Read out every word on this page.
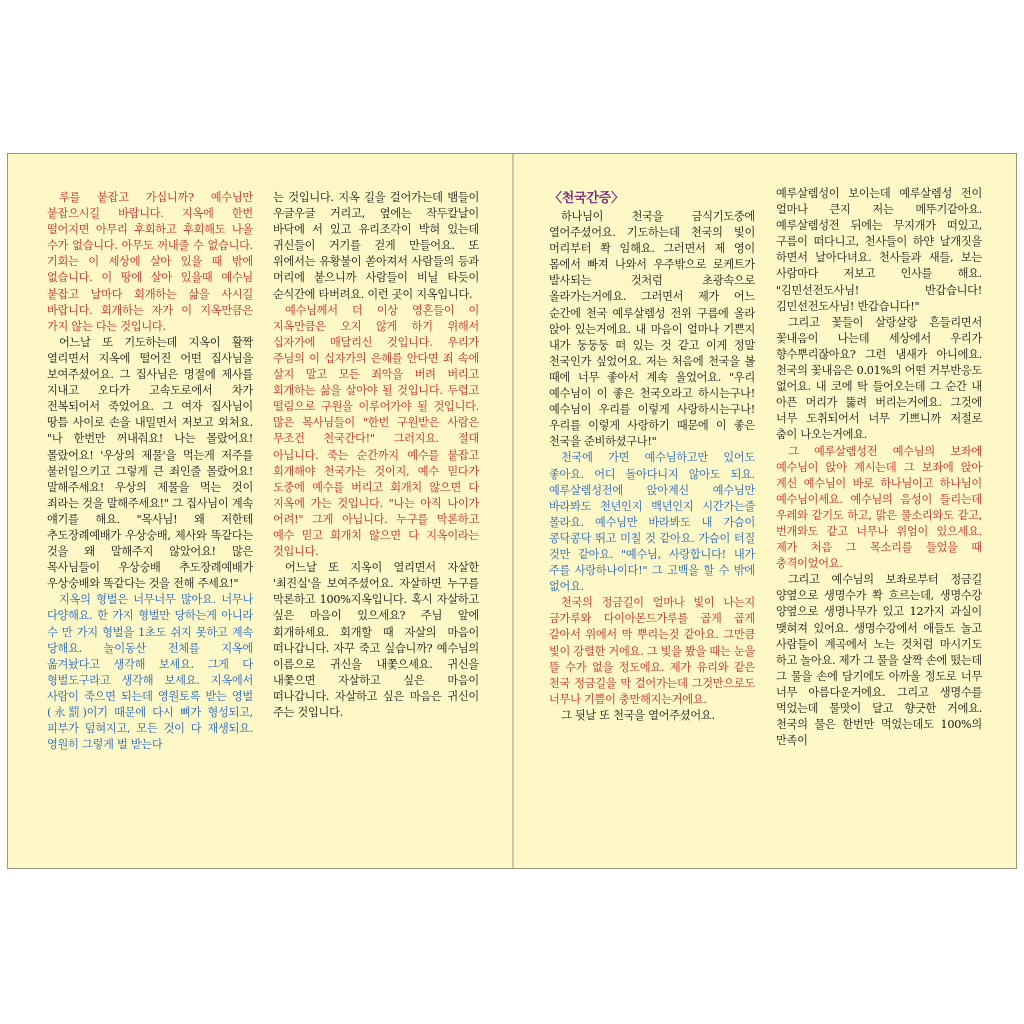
루를 붙잡고 가십니까? 예수님만 붙잡으시길 바랍니다. 지옥에 한번 떨어지면 아무리 후회하고 후회해도 나올 수가 없습니다. 아무도 꺼내줄 수 없습니다. 기회는 이 세상에 살아 있을 때 밖에 없습니다. 이 땅에 살아 있을때 예수님 붙잡고 날마다 회개하는 삶을 사시길 바랍니다. 회개하는 자가 이 지옥만큼은 가지 않는 다는 것입니다.

어느날 또 기도하는데 지옥이 활짝 열리면서 지옥에 떨어진 어떤 집사님을 보여주셨어요. 그 집사님은 명절에 제사를 지내고 오다가 고속도로에서 차가 전복되어서 죽었어요. 그 여자 집사님이 땅틈 사이로 손을 내밀면서 저보고 외쳐요. "나 한번만 꺼내줘요! 나는 몰랐어요! 몰랐어요! '우상의 제물'을 먹는게 저주를 불러일으키고 그렇게 큰 죄인줄 몰랐어요! 말해주세요! 우상의 제물을 먹는 것이 죄라는 것을 말해주세요!" 그 집사님이 계속 얘기를 해요. "목사님! 왜 저한테 추도장례예배가 우상숭배, 제사와 똑같다는 것을 왜 말해주지 않았어요! 많은 목사님들이 우상숭배 추도장례예배가 우상숭배와 똑같다는 것을 전해 주세요!"

지옥의 형벌은 너무너무 많아요. 너무나 다양해요. 한 가지 형벌만 당하는게 아니라 수 만 가지 형벌을 1초도 쉬지 못하고 계속 당해요. 놀이동산 전체를 지옥에 옮겨놨다고 생각해 보세요. 그게 다 형벌도구라고 생각해 보세요. 지옥에서 사람이 죽으면 되는데 영원토록 받는 영벌(永罰)이기 때문에 다시 뼈가 형성되고, 피부가 덮혀지고, 모든 것이 다 재생되요. 영원히 그렇게 벌 받는다

는 것입니다. 지옥 길을 걸어가는데 뱀들이 우글우글 거리고, 옆에는 작두칼날이 바닥에 서 있고 유리조각이 박혀 있는데 귀신들이 거기를 걷게 만들어요. 또 위에서는 유황불이 쏟아져서 사람들의 등과 머리에 붙으니까 사람들이 비닐 타듯이 순식간에 타버려요. 이런 곳이 지옥입니다.

예수님께서 더 이상 영혼들이 이 지옥만큼은 오지 않게 하기 위해서 십자가에 매달리신 것입니다. 우리가 주님의 이 십자가의 은혜를 안다면 죄 속에 살지 말고 모든 죄악을 버려 버리고 회개하는 삶을 살아야 될 것입니다. 두렵고 떨림으로 구원을 이루어가야 될 것입니다. 많은 목사님들이 "한번 구원받은 사람은 무조건 천국간다!" 그러지요. 절대 아닙니다. 죽는 순간까지 예수를 붙잡고 회개해야 천국가는 것이지, 예수 믿다가 도중에 예수를 버리고 회개치 않으면 다 지옥에 가는 것입니다. "나는 아직 나이가 어려!" 그게 아닙니다. 누구를 막론하고 예수 믿고 회개치 않으면 다 지옥이라는 것입니다.

어느날 또 지옥이 열리면서 자살한 '최진실'을 보여주셨어요. 자살하면 누구를 막론하고 100%지옥입니다. 혹시 자살하고 싶은 마음이 있으세요? 주님 앞에 회개하세요. 회개할 때 자살의 마음이 떠나갑니다. 자꾸 죽고 싶습니까? 예수님의 이름으로 귀신을 내쫓으세요. 귀신을 내쫓으면 자살하고 싶은 마음이 떠나갑니다. 자살하고 싶은 마음은 귀신이 주는 것입니다.

〈천국간증〉

하나님이 천국을 금식기도중에 열어주셨어요. 기도하는데 천국의 빛이 머리부터 쫙 임해요. 그러면서 제 영이 몸에서 빠져 나와서 우주밖으로 로케트가 발사되는 것처럼 초광속으로 올라가는거에요. 그러면서 제가 어느 순간에 천국 예루살렘성 전위 구름에 올라 앉아 있는거에요. 내 마음이 얼마나 기쁜지 내가 둥둥둥 떠 있는 것 같고 이게 정말 천국인가 싶었어요. 저는 처음에 천국을 볼 때에 너무 좋아서 계속 울었어요. "우리 예수님이 이 좋은 천국오라고 하시는구나! 예수님이 우리를 이렇게 사랑하시는구나! 우리를 이렇게 사랑하기 때문에 이 좋은 천국을 준비하셨구나!"

천국에 가면 예수님하고만 있어도 좋아요. 어디 돌아다니지 않아도 되요. 예루살렘성전에 앉아계신 예수님만 바라봐도 천년인지 백년인지 시간가는줄 몰라요. 예수님만 바라봐도 내 가슴이 콩닥콩닥 뛰고 미칠 것 같아요. 가슴이 터질 것만 같아요. "예수님, 사랑합니다! 내가 주를 사랑하나이다!" 그 고백을 할 수 밖에 없어요.

천국의 정금길이 얼마나 빛이 나는지 금가루와 다이아몬드가루를 곱게 곱게 갈아서 위에서 막 뿌리는것 같아요. 그만큼 빛이 강렬한 거에요. 그 빛을 봤을 때는 눈을 뜰 수가 없을 정도에요. 제가 유리와 같은 천국 정금길을 막 걸어가는데 그것만으로도 너무나 기쁨이 충만해지는거에요.

그 뒷날 또 천국을 열어주셨어요.

예루살렘성이 보이는데 예루살렘성 전이 얼마나 큰지 저는 메뚜기같아요. 예루살렘성전 뒤에는 무지개가 떠있고, 구름이 떠다니고, 천사들이 하얀 날개짓을 하면서 날아다녀요. 천사들과 새들, 보는 사람마다 저보고 인사를 해요. "김민선전도사님! 반갑습니다! 김민선전도사님! 반갑습니다!"

그리고 꽃들이 살랑살랑 흔들리면서 꽃내음이 나는데 세상에서 우리가 향수뿌리잖아요? 그런 냄새가 아니에요. 천국의 꽃내음은 0.01%의 어떤 거부반응도 없어요. 내 코에 탁 들어오는데 그 순간 내 아픈 머리가 뚫려 버리는거에요. 그것에 너무 도취되어서 너무 기쁘니까 저절로 춤이 나오는거에요.

그 예루살렘성전 예수님의 보좌에 예수님이 앉아 계시는데 그 보좌에 앉아 계신 예수님이 바로 하나님이고 하나님이 예수님이세요. 예수님의 음성이 들리는데 우레와 같기도 하고, 맑은 물소리와도 같고, 번개와도 같고 너무나 위엄이 있으세요. 제가 처음 그 목소리를 들었을 때 충격이었어요.

그리고 예수님의 보좌로부터 정금길 양옆으로 생명수가 쫙 흐르는데, 생명수강 양옆으로 생명나무가 있고 12가지 과실이 맺혀져 있어요. 생명수강에서 애들도 놀고 사람들이 계곡에서 노는 것처럼 마시기도 하고 놀아요. 제가 그 물을 살짝 손에 떴는데 그 물을 손에 담기에도 아까울 정도로 너무 너무 아름다운거에요. 그리고 생명수를 먹었는데 물맛이 달고 향긋한 거에요. 천국의 물은 한번만 먹었는데도 100%의 만족이
